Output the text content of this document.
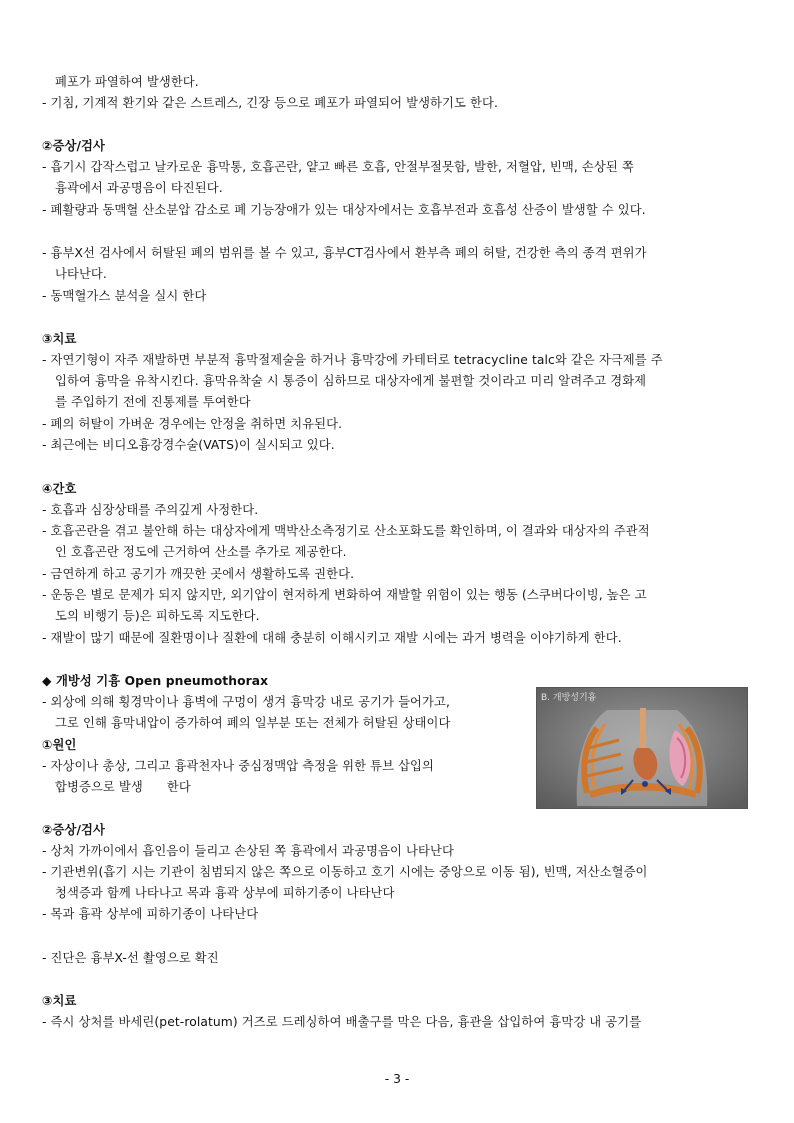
폐포가 파열하여 발생한다.
- 기침, 기계적 환기와 같은 스트레스, 긴장 등으로 폐포가 파열되어 발생하기도 한다.
②증상/검사
- 흡기시 갑작스럽고 날카로운 흉막통, 호흡곤란, 얕고 빠른 호흡, 안절부절못함, 발한, 저혈압, 빈맥, 손상된 쪽
흉곽에서 과공명음이 타진된다.
- 폐활량과 동맥혈 산소분압 감소로 폐 기능장애가 있는 대상자에서는 호흡부전과 호흡성 산증이 발생할 수 있다.
- 흉부X선 검사에서 허탈된 폐의 범위를 볼 수 있고, 흉부CT검사에서 환부측 폐의 허탈, 건강한 측의 종격 편위가
나타난다.
- 동맥혈가스 분석을 실시 한다
③치료
- 자연기형이 자주 재발하면 부분적 흉막절제술을 하거나 흉막강에 카테터로 tetracycline talc와 같은 자극제를 주
입하여 흉막을 유착시킨다. 흉막유착술 시 통증이 심하므로 대상자에게 불편할 것이라고 미리 알려주고 경화제
를 주입하기 전에 진통제를 투여한다
- 폐의 허탈이 가벼운 경우에는 안정을 취하면 치유된다.
- 최근에는 비디오흉강경수술(VATS)이 실시되고 있다.
④간호
- 호흡과 심장상태를 주의깊게 사정한다.
- 호흡곤란을 겪고 불안해 하는 대상자에게 맥박산소측정기로 산소포화도를 확인하며, 이 결과와 대상자의 주관적
인 호흡곤란 정도에 근거하여 산소를 추가로 제공한다.
- 금연하게 하고 공기가 깨끗한 곳에서 생활하도록 권한다.
- 운동은 별로 문제가 되지 않지만, 외기압이 현저하게 변화하여 재발할 위험이 있는 행동 (스쿠버다이빙, 높은 고
도의 비행기 등)은 피하도록 지도한다.
- 재발이 많기 때문에 질환명이나 질환에 대해 충분히 이해시키고 재발 시에는 과거 병력을 이야기하게 한다.
◆ 개방성 기흉 Open pneumothorax
- 외상에 의해 횡경막이나 흉벽에 구멍이 생겨 흉막강 내로 공기가 들어가고,
그로 인해 흉막내압이 증가하여 폐의 일부분 또는 전체가 허탈된 상태이다
①원인
- 자상이나 총상, 그리고 흉곽천자나 중심정맥압 측정을 위한 튜브 삽입의
합병증으로 발생      한다
B. 개방성기흉
②증상/검사
- 상처 가까이에서 흡인음이 들리고 손상된 쪽 흉곽에서 과공명음이 나타난다
- 기관변위(흡기 시는 기관이 침범되지 않은 쪽으로 이동하고 호기 시에는 중앙으로 이동 됨), 빈맥, 저산소혈증이
청색증과 함께 나타나고 목과 흉곽 상부에 피하기종이 나타난다
- 목과 흉곽 상부에 피하기종이 나타난다
- 진단은 흉부X-선 촬영으로 확진
③치료
- 즉시 상처를 바세린(pet-rolatum) 거즈로 드레싱하여 배출구를 막은 다음, 흉관을 삽입하여 흉막강 내 공기를
- 3 -
